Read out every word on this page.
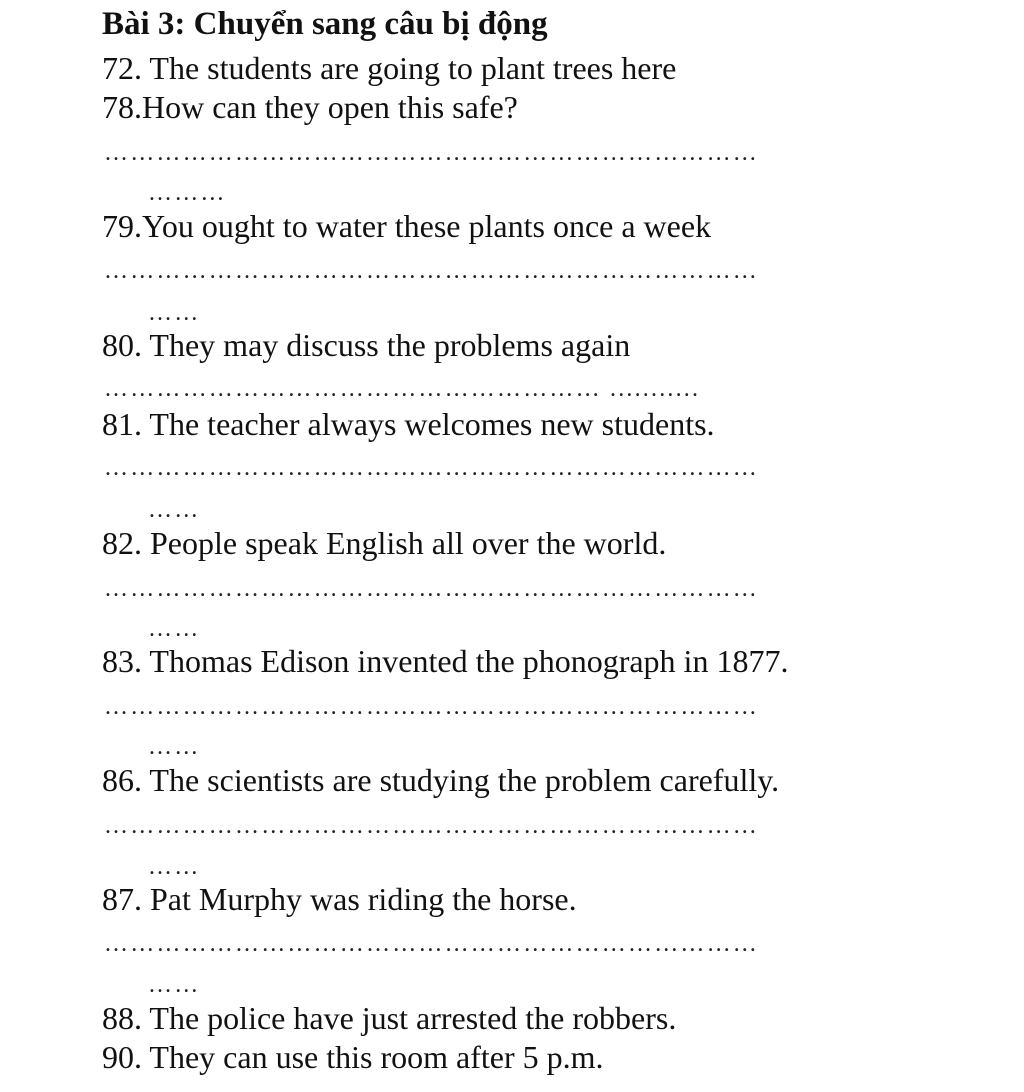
Bài 3: Chuyển sang câu bị động
72. The students are going to plant trees here
78.How can they open this safe?
…………………………………………………………………
………
79.You ought to water these plants once a week
…………………………………………………………………
……
80. They may discuss the problems again
………………………………………………… ...........
81. The teacher always welcomes new students.
…………………………………………………………………
……
82. People speak English all over the world.
…………………………………………………………………
……
83. Thomas Edison invented the phonograph in 1877.
…………………………………………………………………
……
86. The scientists are studying the problem carefully.
…………………………………………………………………
……
87. Pat Murphy was riding the horse.
…………………………………………………………………
……
88. The police have just arrested the robbers.
90. They can use this room after 5 p.m.
